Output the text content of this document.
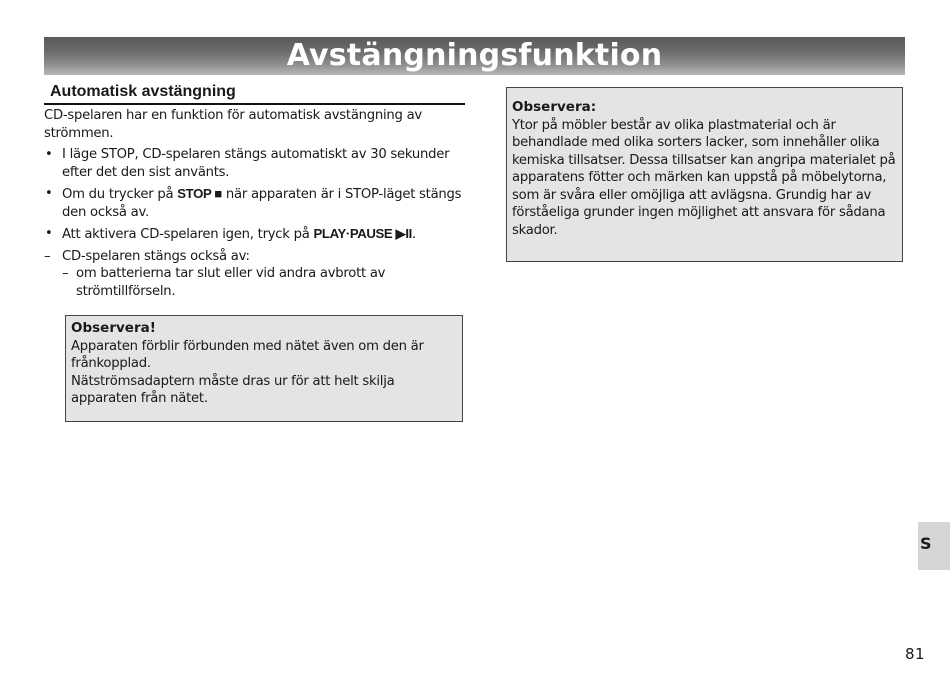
Avstängningsfunktion
Automatisk avstängning

CD-spelaren har en funktion för automatisk avstängning av strömmen.

• I läge STOP, CD-spelaren stängs automatiskt av 30 sekunder efter det den sist använts.

• Om du trycker på STOP ■ när apparaten är i STOP-läget stängs den också av.

• Att aktivera CD-spelaren igen, tryck på PLAY·PAUSE ▶II.

– CD-spelaren stängs också av:

– om batterierna tar slut eller vid andra avbrott av strömtillförseln.

Observera!

Apparaten förblir förbunden med nätet även om den är frånkopplad.

Nätströmsadaptern måste dras ur för att helt skilja apparaten från nätet.

Observera:

Ytor på möbler består av olika plastmaterial och är behandlade med olika sorters lacker, som innehåller olika kemiska tillsatser. Dessa tillsatser kan angripa materialet på apparatens fötter och märken kan uppstå på möbelytorna, som är svåra eller omöjliga att avlägsna. Grundig har av förståeliga grunder ingen möjlighet att ansvara för sådana skador.

S
81
